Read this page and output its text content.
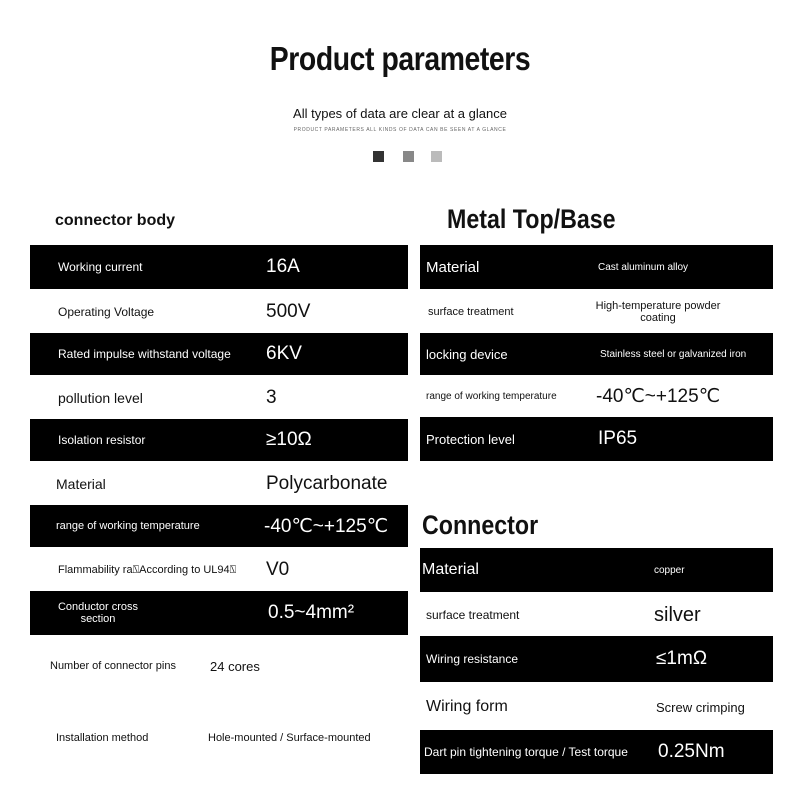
Product parameters
All types of data are clear at a glance
PRODUCT PARAMETERS ALL KINDS OF DATA CAN BE SEEN AT A GLANCE
connector body
Working current	16A
Operating Voltage	500V
Rated impulse withstand voltage	6KV
pollution level	3
Isolation resistor	≥10Ω
Material	Polycarbonate
range of working temperature	-40℃~+125℃
Flammability ra⍂According to UL94⍂	V0
Conductor cross section	0.5~4mm²
Number of connector pins	24 cores
Installation method	Hole-mounted / Surface-mounted
Metal Top/Base
Material	Cast aluminum alloy
surface treatment	High-temperature powder coating
locking device	Stainless steel or galvanized iron
range of working temperature	-40℃~+125℃
Protection level	IP65
Connector
Material	copper
surface treatment	silver
Wiring resistance	≤1mΩ
Wiring form	Screw crimping
Dart pin tightening torque / Test torque	0.25Nm
